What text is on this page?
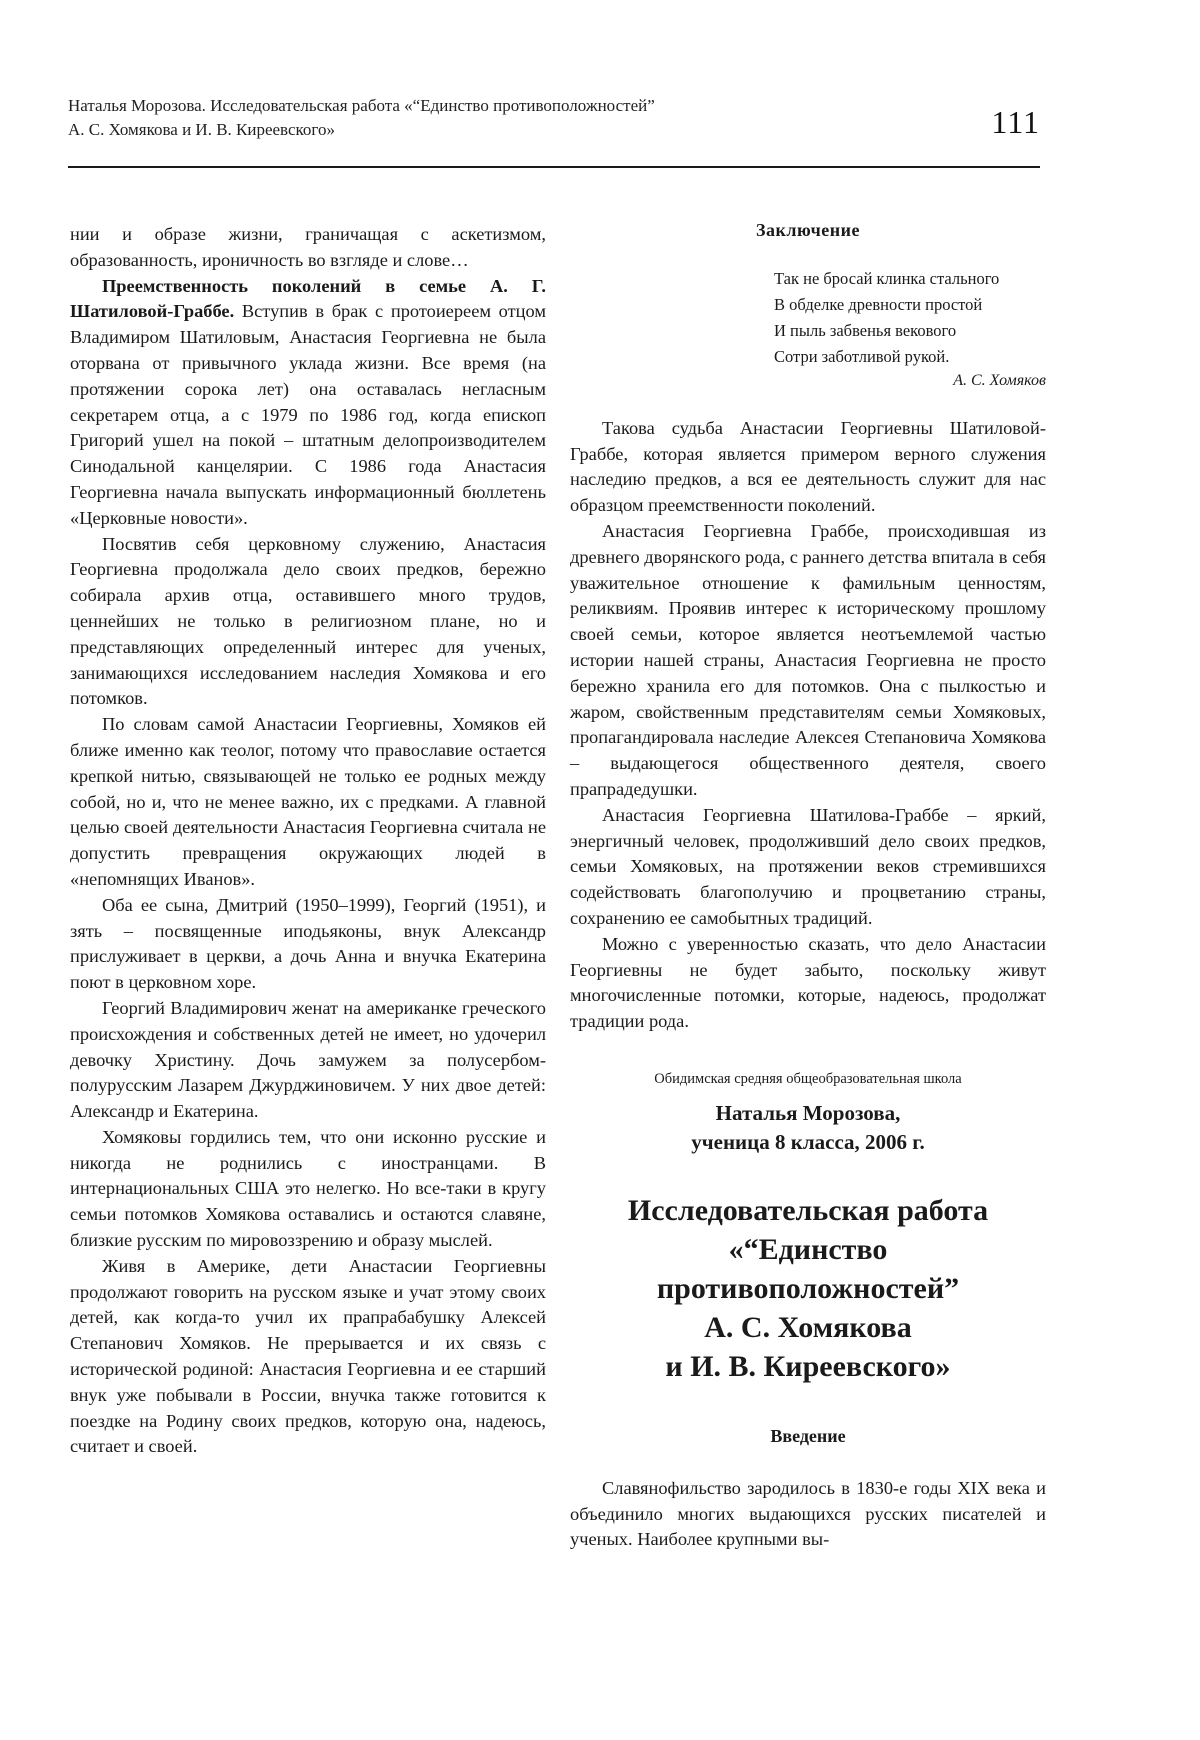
Наталья Морозова. Исследовательская работа «“Единство противоположностей”
А. С. Хомякова и И. В. Киреевского»	111

нии и образе жизни, граничащая с аскетизмом, образованность, ироничность во взгляде и слове…

Преемственность поколений в семье А. Г. Шатиловой-Граббе. Вступив в брак с протоиереем отцом Владимиром Шатиловым, Анастасия Георгиевна не была оторвана от привычного уклада жизни. Все время (на протяжении сорока лет) она оставалась негласным секретарем отца, а с 1979 по 1986 год, когда епископ Григорий ушел на покой – штатным делопроизводителем Синодальной канцелярии. С 1986 года Анастасия Георгиевна начала выпускать информационный бюллетень «Церковные новости».

Посвятив себя церковному служению, Анастасия Георгиевна продолжала дело своих предков, бережно собирала архив отца, оставившего много трудов, ценнейших не только в религиозном плане, но и представляющих определенный интерес для ученых, занимающихся исследованием наследия Хомякова и его потомков.

По словам самой Анастасии Георгиевны, Хомяков ей ближе именно как теолог, потому что православие остается крепкой нитью, связывающей не только ее родных между собой, но и, что не менее важно, их с предками. А главной целью своей деятельности Анастасия Георгиевна считала не допустить превращения окружающих людей в «непомнящих Иванов».

Оба ее сына, Дмитрий (1950–1999), Георгий (1951), и зять – посвященные иподьяконы, внук Александр прислуживает в церкви, а дочь Анна и внучка Екатерина поют в церковном хоре.

Георгий Владимирович женат на американке греческого происхождения и собственных детей не имеет, но удочерил девочку Христину. Дочь замужем за полусербом-полурусским Лазарем Джурджиновичем. У них двое детей: Александр и Екатерина.

Хомяковы гордились тем, что они исконно русские и никогда не роднились с иностранцами. В интернациональных США это нелегко. Но все-таки в кругу семьи потомков Хомякова оставались и остаются славяне, близкие русским по мировоззрению и образу мыслей.

Живя в Америке, дети Анастасии Георгиевны продолжают говорить на русском языке и учат этому своих детей, как когда-то учил их прапрабабушку Алексей Степанович Хомяков. Не прерывается и их связь с исторической родиной: Анастасия Георгиевна и ее старший внук уже побывали в России, внучка также готовится к поездке на Родину своих предков, которую она, надеюсь, считает и своей.

Заключение
Так не бросай клинка стального
В обделке древности простой
И пыль забвенья векового
Сотри заботливой рукой.
А. С. Хомяков

Такова судьба Анастасии Георгиевны Шатиловой-Граббе, которая является примером верного служения наследию предков, а вся ее деятельность служит для нас образцом преемственности поколений.

Анастасия Георгиевна Граббе, происходившая из древнего дворянского рода, с раннего детства впитала в себя уважительное отношение к фамильным ценностям, реликвиям. Проявив интерес к историческому прошлому своей семьи, которое является неотъемлемой частью истории нашей страны, Анастасия Георгиевна не просто бережно хранила его для потомков. Она с пылкостью и жаром, свойственным представителям семьи Хомяковых, пропагандировала наследие Алексея Степановича Хомякова – выдающегося общественного деятеля, своего прапрадедушки.

Анастасия Георгиевна Шатилова-Граббе – яркий, энергичный человек, продолживший дело своих предков, семьи Хомяковых, на протяжении веков стремившихся содействовать благополучию и процветанию страны, сохранению ее самобытных традиций.

Можно с уверенностью сказать, что дело Анастасии Георгиевны не будет забыто, поскольку живут многочисленные потомки, которые, надеюсь, продолжат традиции рода.

Обидимская средняя общеобразовательная школа
Наталья Морозова,
ученица 8 класса, 2006 г.
Исследовательская работа
«“Единство
противоположностей”
А. С. Хомякова
и И. В. Киреевского»
Введение

Славянофильство зародилось в 1830-е годы XIX века и объединило многих выдающихся русских писателей и ученых. Наиболее крупными вы-
